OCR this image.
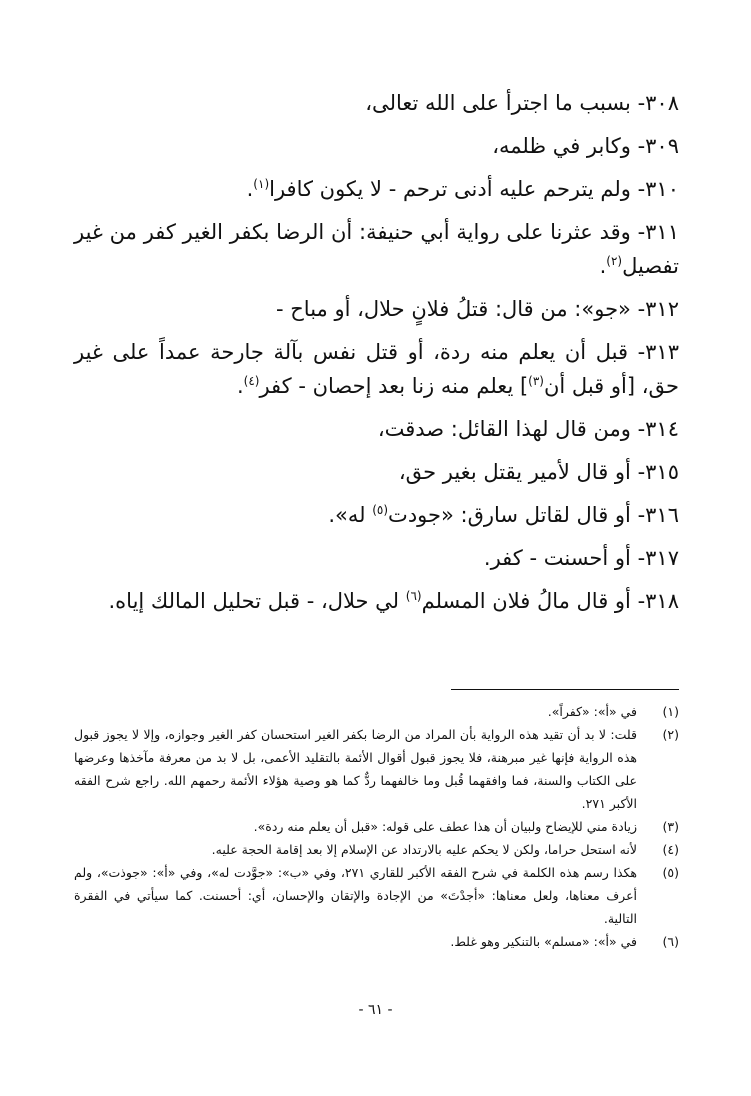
٣٠٨- بسبب ما اجترأ على الله تعالى،

٣٠٩- وكابر في ظلمه،

٣١٠- ولم يترحم عليه أدنى ترحم - لا يكون كافرا$^{(١)}$.

٣١١- وقد عثرنا على رواية أبي حنيفة: أن الرضا بكفر الغير كفر من غير تفصيل$^{(٢)}$.

٣١٢- «جو»: من قال: قتلُ فلانٍ حلال، أو مباح -

٣١٣- قبل أن يعلم منه ردة، أو قتل نفس بآلة جارحة عمداً على غير حق، [أو قبل أن$^{(٣)}$] يعلم منه زنا بعد إحصان - كفر$^{(٤)}$.

٣١٤- ومن قال لهذا القائل: صدقت،

٣١٥- أو قال لأمير يقتل بغير حق،

٣١٦- أو قال لقاتل سارق: «جودت$^{(٥)}$ له».

٣١٧- أو أحسنت - كفر.

٣١٨- أو قال مالُ فلان المسلم$^{(٦)}$ لي حلال، - قبل تحليل المالك إياه.

(١)
في «أ»: «كفراً».

(٢)
قلت: لا بد أن تقيد هذه الرواية بأن المراد من الرضا بكفر الغير استحسان كفر الغير وجوازه، وإلا لا يجوز قبول هذه الرواية فإنها غير مبرهنة، فلا يجوز قبول أقوال الأئمة بالتقليد الأعمى، بل لا بد من معرفة مآخذها وعرضها على الكتاب والسنة، فما وافقهما قُبل وما خالفهما ردٌّ كما هو وصية هؤلاء الأئمة رحمهم الله. راجع شرح الفقه الأكبر ٢٧١.

(٣)
زيادة مني للإيضاح ولبيان أن هذا عطف على قوله: «قبل أن يعلم منه ردة».

(٤)
لأنه استحل حراما، ولكن لا يحكم عليه بالارتداد عن الإسلام إلا بعد إقامة الحجة عليه.

(٥)
هكذا رسم هذه الكلمة في شرح الفقه الأكبر للقاري ٢٧١، وفي «ب»: «جوَّدت له»، وفي «أ»: «جوذت»، ولم أعرف معناها، ولعل معناها: «أجدْتَ» من الإجادة والإتقان والإحسان، أي: أحسنت. كما سيأتي في الفقرة التالية.

(٦)
في «أ»: «مسلم» بالتنكير وهو غلط.

- ٦١ -
